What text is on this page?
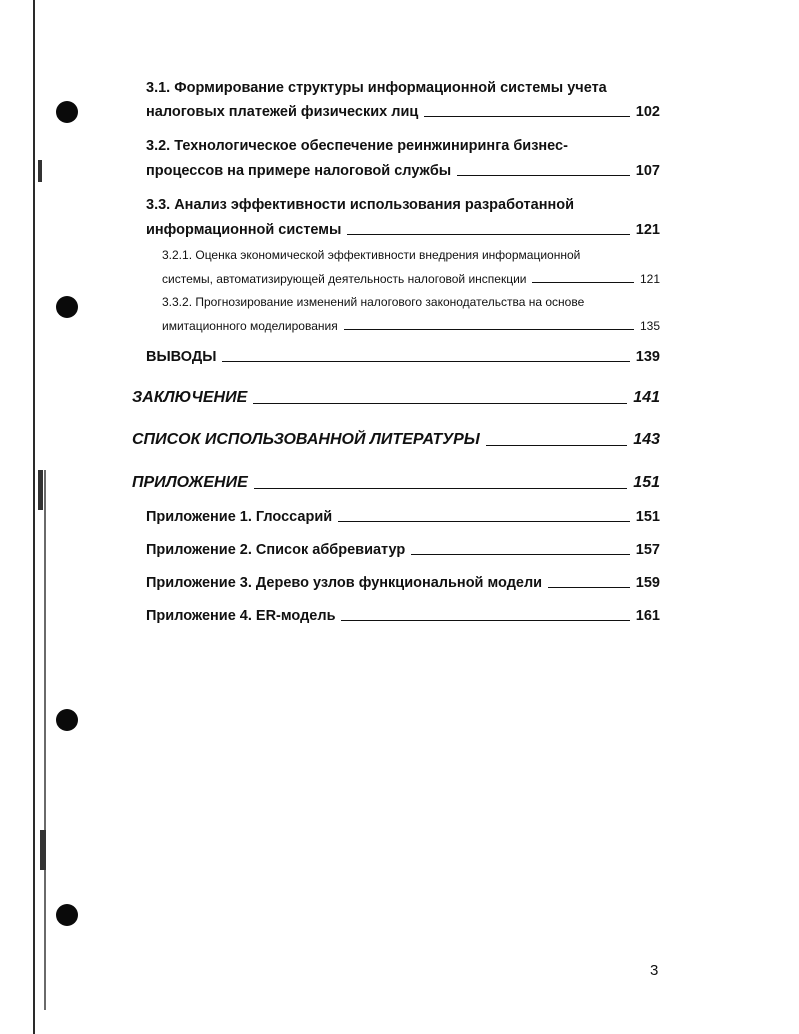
3.1. Формирование структуры информационной системы учета
налоговых платежей физических лиц	102
3.2. Технологическое обеспечение реинжиниринга бизнес-
процессов на примере налоговой службы	107
3.3. Анализ эффективности использования разработанной
информационной системы	121
3.2.1. Оценка экономической эффективности внедрения информационной
системы, автоматизирующей деятельность налоговой инспекции	121
3.3.2. Прогнозирование изменений налогового законодательства на основе
имитационного моделирования	135
ВЫВОДЫ	139
ЗАКЛЮЧЕНИЕ	141
СПИСОК ИСПОЛЬЗОВАННОЙ ЛИТЕРАТУРЫ	143
ПРИЛОЖЕНИЕ	151
Приложение 1. Глоссарий	151
Приложение 2. Список аббревиатур	157
Приложение 3. Дерево узлов функциональной модели	159
Приложение 4. ER-модель	161
3
